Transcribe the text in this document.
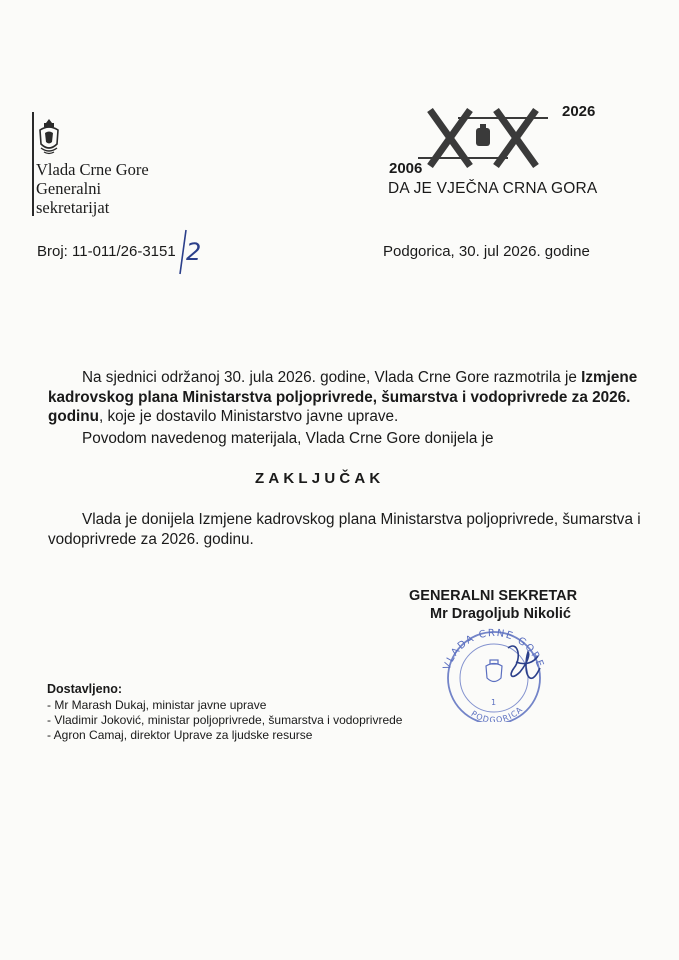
Vlada Crne Gore
Generalni
sekretarijat
2026
2006
DA JE VJEČNA CRNA GORA
Broj: 11-011/26-3151 2	Podgorica, 30. jul 2026. godine
Na sjednici održanoj 30. jula 2026. godine, Vlada Crne Gore razmotrila je Izmjene kadrovskog plana Ministarstva poljoprivrede, šumarstva i vodoprivrede za 2026. godinu, koje je dostavilo Ministarstvo javne uprave.
Povodom navedenog materijala, Vlada Crne Gore donijela je
ZAKLJUČAK
Vlada je donijela Izmjene kadrovskog plana Ministarstva poljoprivrede, šumarstva i vodoprivrede za 2026. godinu.
GENERALNI SEKRETAR
Mr Dragoljub Nikolić
VLADA CRNE GORE
PODGORICA
1
Dostavljeno:
- Mr Marash Dukaj, ministar javne uprave
- Vladimir Joković, ministar poljoprivrede, šumarstva i vodoprivrede
- Agron Camaj, direktor Uprave za ljudske resurse
